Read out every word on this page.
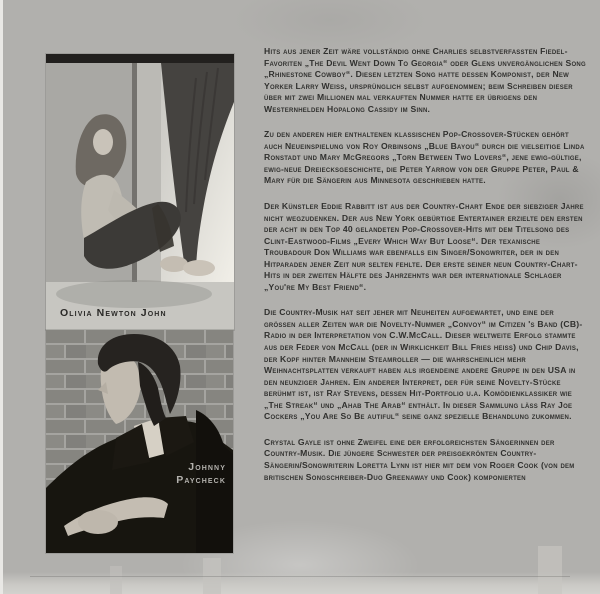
Olivia Newton John
Johnny
Paycheck

Hits aus jener Zeit wäre vollständig ohne Charlies selbstverfassten Fiedel-Favoriten „The Devil Went Down To Georgia“ oder Glens unvergänglichen Song „Rhinestone Cowboy“. Diesen letzten Song hatte dessen Komponist, der New Yorker Larry Weiss, ursprünglich selbst aufgenommen; beim Schreiben dieser über mit zwei Millionen mal verkauften Nummer hatte er übrigens den Westernhelden Hopalong Cassidy im Sinn.

Zu den anderen hier enthaltenen klassischen Pop-Crossover-Stücken gehört auch Neueinspielung von Roy Orbinsons „Blue Bayou“ durch die vielseitige Linda Ronstadt und Mary McGregors „Torn Between Two Lovers“, jene ewig-gültige, ewig-neue Dreiecksgeschichte, die Peter Yarrow von der Gruppe Peter, Paul & Mary für die Sängerin aus Minnesota geschrieben hatte.

Der Künstler Eddie Rabbitt ist aus der Country-Chart Ende der siebziger Jahre nicht wegzudenken. Der aus New York gebürtige Entertainer erzielte den ersten der acht in den Top 40 gelandeten Pop-Crossover-Hits mit dem Titelsong des Clint-Eastwood-Films „Every Which Way But Loose“. Der texanische Troubadour Don Williams war ebenfalls ein Singer/Songwriter, der in den Hitparaden jener Zeit nur selten fehlte. Der erste seiner neun Country-Chart-Hits in der zweiten Hälfte des Jahrzehnts war der internationale Schlager „You're My Best Friend“.

Die Country-Musik hat seit jeher mit Neuheiten aufgewartet, und eine der grössen aller Zeiten war die Novelty-Nummer „Convoy“ im Citizen 's Band (CB)-Radio in der Interpretation von C.W.McCall. Dieser weltweite Erfolg stammte aus der Feder von McCall (der in Wirklichkeit Bill Fries heiss) und Chip Davis, der Kopf hinter Mannheim Steamroller — die wahrscheinlich mehr Weihnachtsplatten verkauft haben als irgendeine andere Gruppe in den USA in den neunziger Jahren. Ein anderer Interpret, der für seine Novelty-Stücke berühmt ist, ist Ray Stevens, dessen Hit-Portfolio u.a. Komödienklassiker wie „The Streak“ und „Ahab The Arab“ enthält. In dieser Sammlung läss Ray Joe Cockers „You Are So Be autiful“ seine ganz spezielle Behandlung zukommen.

Crystal Gayle ist ohne Zweifel eine der erfolgreichsten Sängerinnen der Country-Musik. Die jüngere Schwester der preisgekrönten Country-Sängerin/Songwriterin Loretta Lynn ist hier mit dem von Roger Cook (von dem britischen Songschreiber-Duo Greenaway und Cook) komponierten
